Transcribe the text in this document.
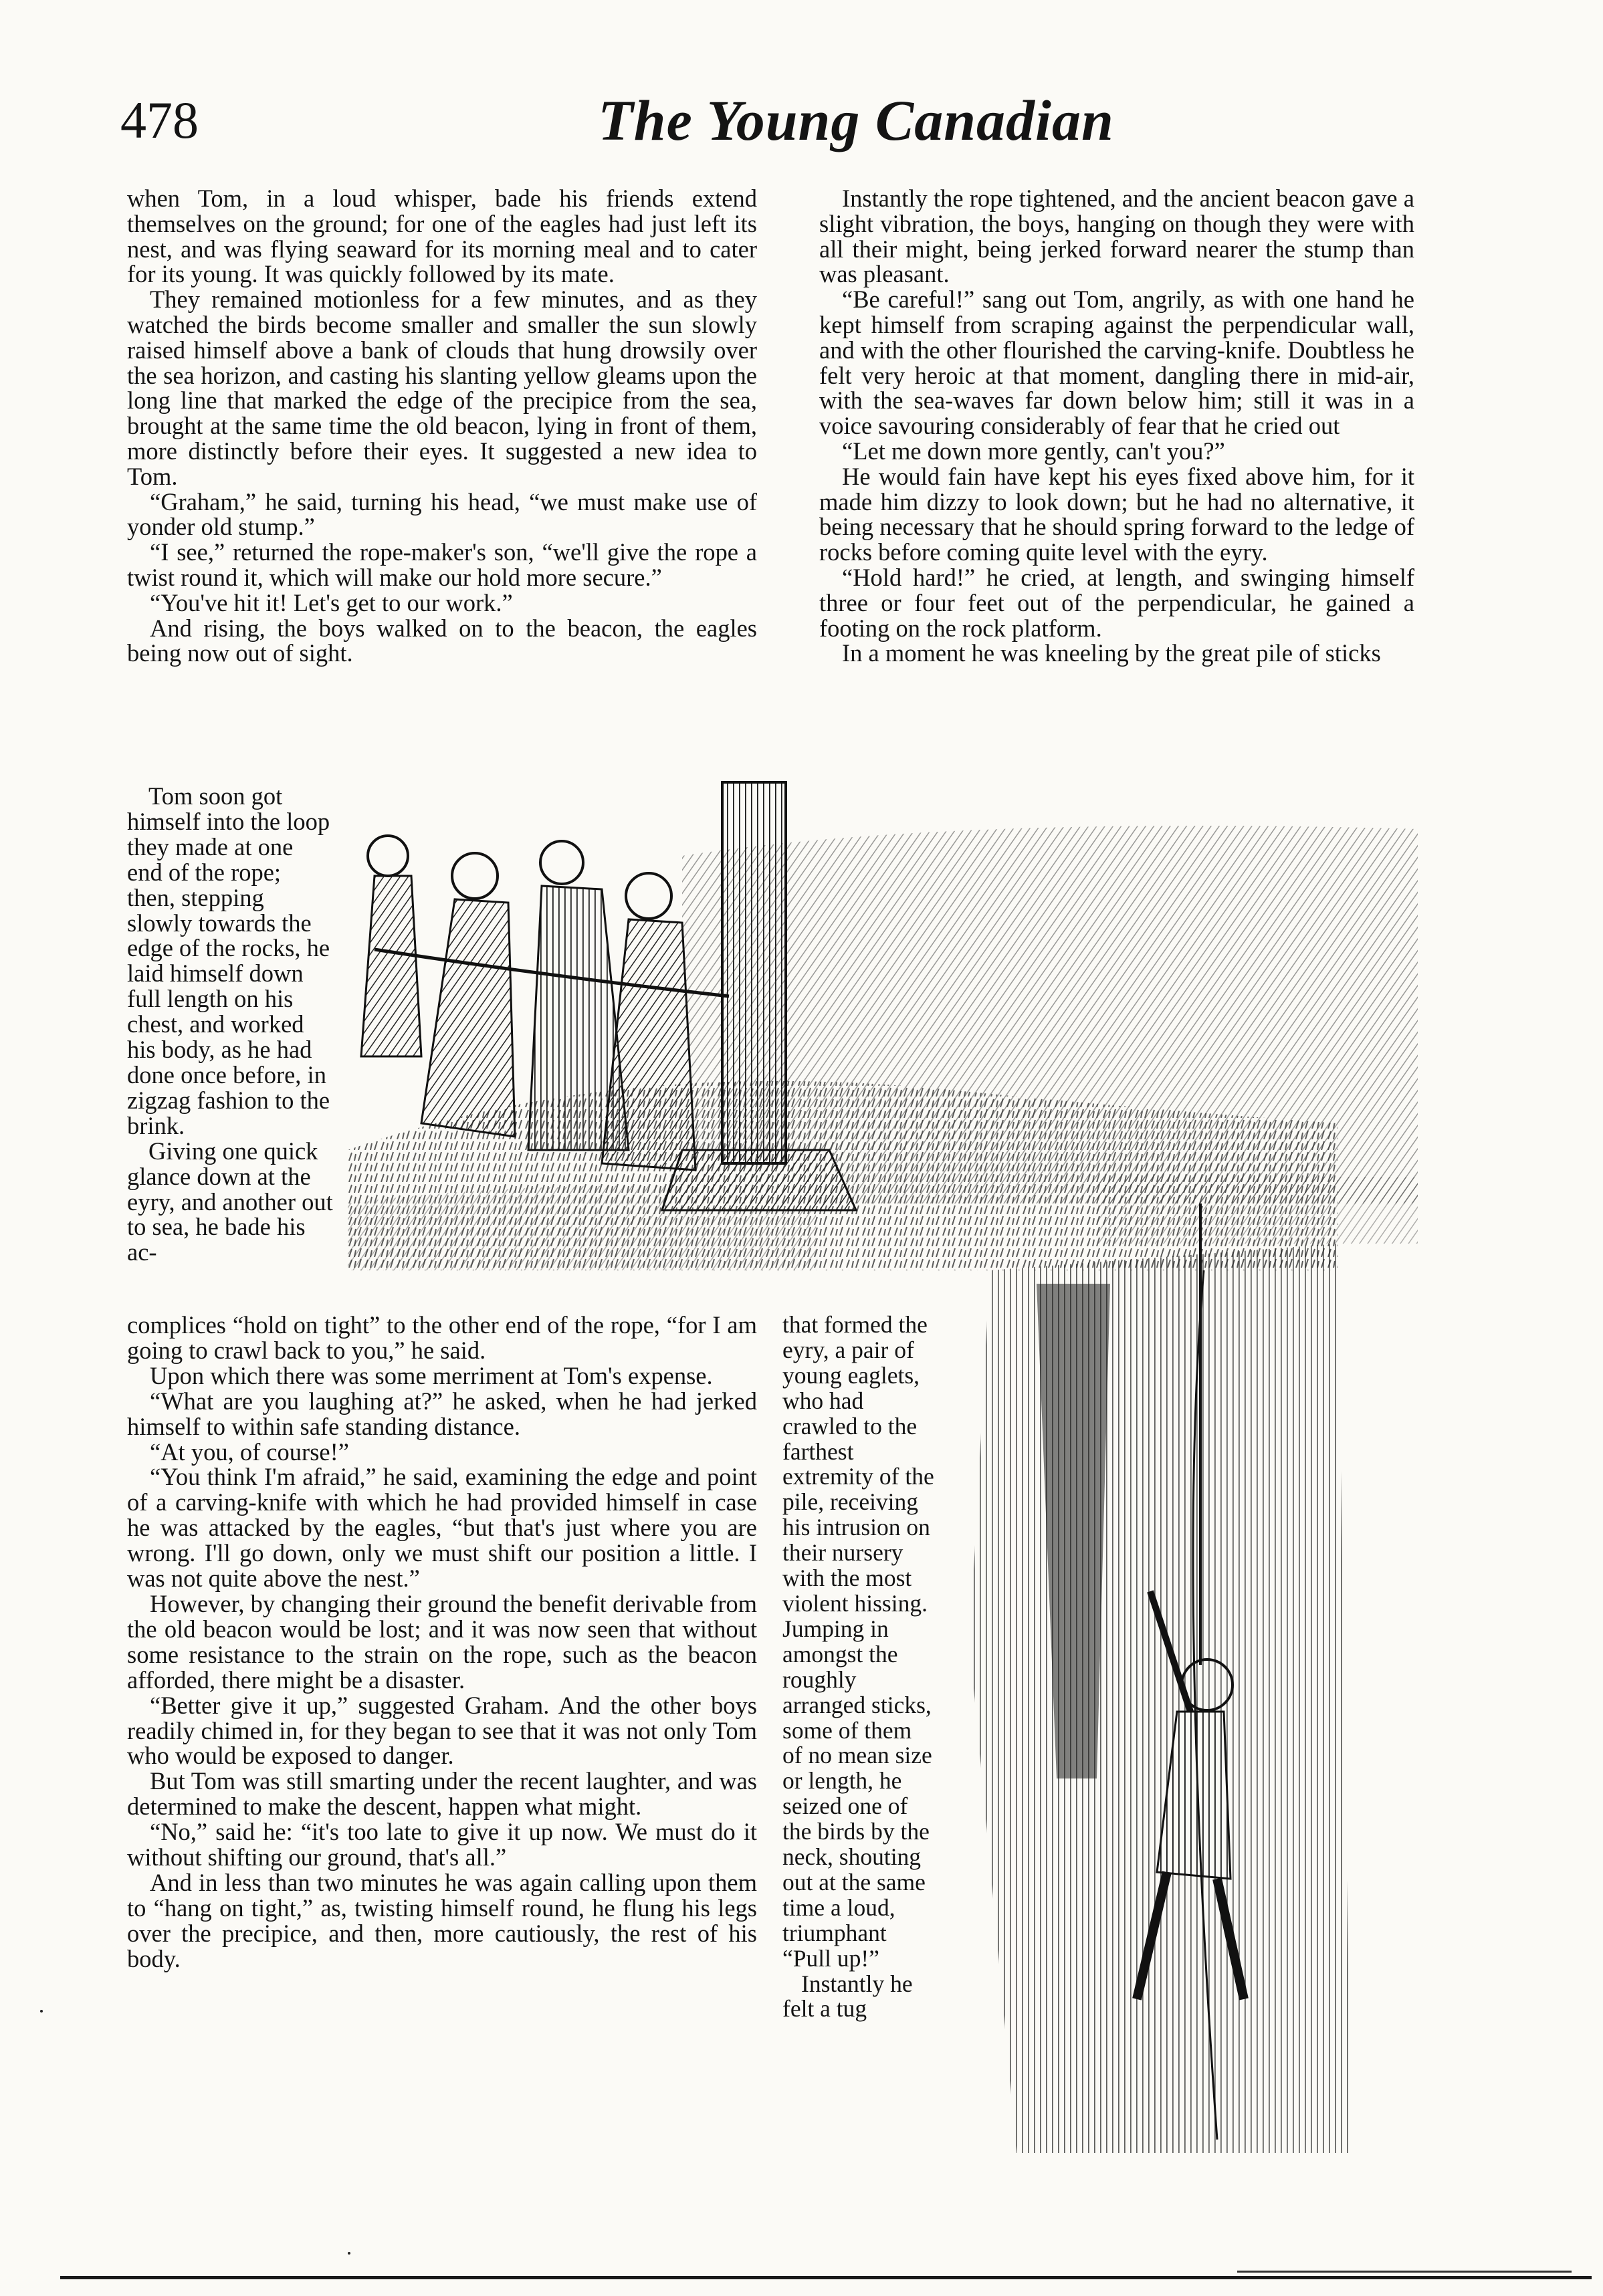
478	The Young Canadian

when Tom, in a loud whisper, bade his friends extend themselves on the ground; for one of the eagles had just left its nest, and was flying seaward for its morning meal and to cater for its young. It was quickly followed by its mate.

They remained motionless for a few minutes, and as they watched the birds become smaller and smaller the sun slowly raised himself above a bank of clouds that hung drowsily over the sea horizon, and casting his slanting yellow gleams upon the long line that marked the edge of the precipice from the sea, brought at the same time the old beacon, lying in front of them, more distinctly before their eyes. It suggested a new idea to Tom.

“Graham,” he said, turning his head, “we must make use of yonder old stump.”

“I see,” returned the rope-maker's son, “we'll give the rope a twist round it, which will make our hold more secure.”

“You've hit it! Let's get to our work.”

And rising, the boys walked on to the beacon, the eagles being now out of sight.

Tom soon got himself into the loop they made at one end of the rope; then, stepping slowly towards the edge of the rocks, he laid himself down full length on his chest, and worked his body, as he had done once before, in zigzag fashion to the brink.

Giving one quick glance down at the eyry, and another out to sea, he bade his ac-

complices “hold on tight” to the other end of the rope, “for I am going to crawl back to you,” he said.

Upon which there was some merriment at Tom's expense.

“What are you laughing at?” he asked, when he had jerked himself to within safe standing distance.

“At you, of course!”

“You think I'm afraid,” he said, examining the edge and point of a carving-knife with which he had provided himself in case he was attacked by the eagles, “but that's just where you are wrong. I'll go down, only we must shift our position a little. I was not quite above the nest.”

However, by changing their ground the benefit derivable from the old beacon would be lost; and it was now seen that without some resistance to the strain on the rope, such as the beacon afforded, there might be a disaster.

“Better give it up,” suggested Graham. And the other boys readily chimed in, for they began to see that it was not only Tom who would be exposed to danger.

But Tom was still smarting under the recent laughter, and was determined to make the descent, happen what might.

“No,” said he: “it's too late to give it up now. We must do it without shifting our ground, that's all.”

And in less than two minutes he was again calling upon them to “hang on tight,” as, twisting himself round, he flung his legs over the precipice, and then, more cautiously, the rest of his body.

Instantly the rope tightened, and the ancient beacon gave a slight vibration, the boys, hanging on though they were with all their might, being jerked forward nearer the stump than was pleasant.

“Be careful!” sang out Tom, angrily, as with one hand he kept himself from scraping against the perpendicular wall, and with the other flourished the carving-knife. Doubtless he felt very heroic at that moment, dangling there in mid-air, with the sea-waves far down below him; still it was in a voice savouring considerably of fear that he cried out

“Let me down more gently, can't you?”

He would fain have kept his eyes fixed above him, for it made him dizzy to look down; but he had no alternative, it being necessary that he should spring forward to the ledge of rocks before coming quite level with the eyry.

“Hold hard!” he cried, at length, and swinging himself three or four feet out of the perpendicular, he gained a footing on the rock platform.

In a moment he was kneeling by the great pile of sticks

that formed the eyry, a pair of young eaglets, who had crawled to the farthest extremity of the pile, receiving his intrusion on their nursery with the most violent hissing. Jumping in amongst the roughly arranged sticks, some of them of no mean size or length, he seized one of the birds by the neck, shouting out at the same time a loud, triumphant “Pull up!”

Instantly he felt a tug
